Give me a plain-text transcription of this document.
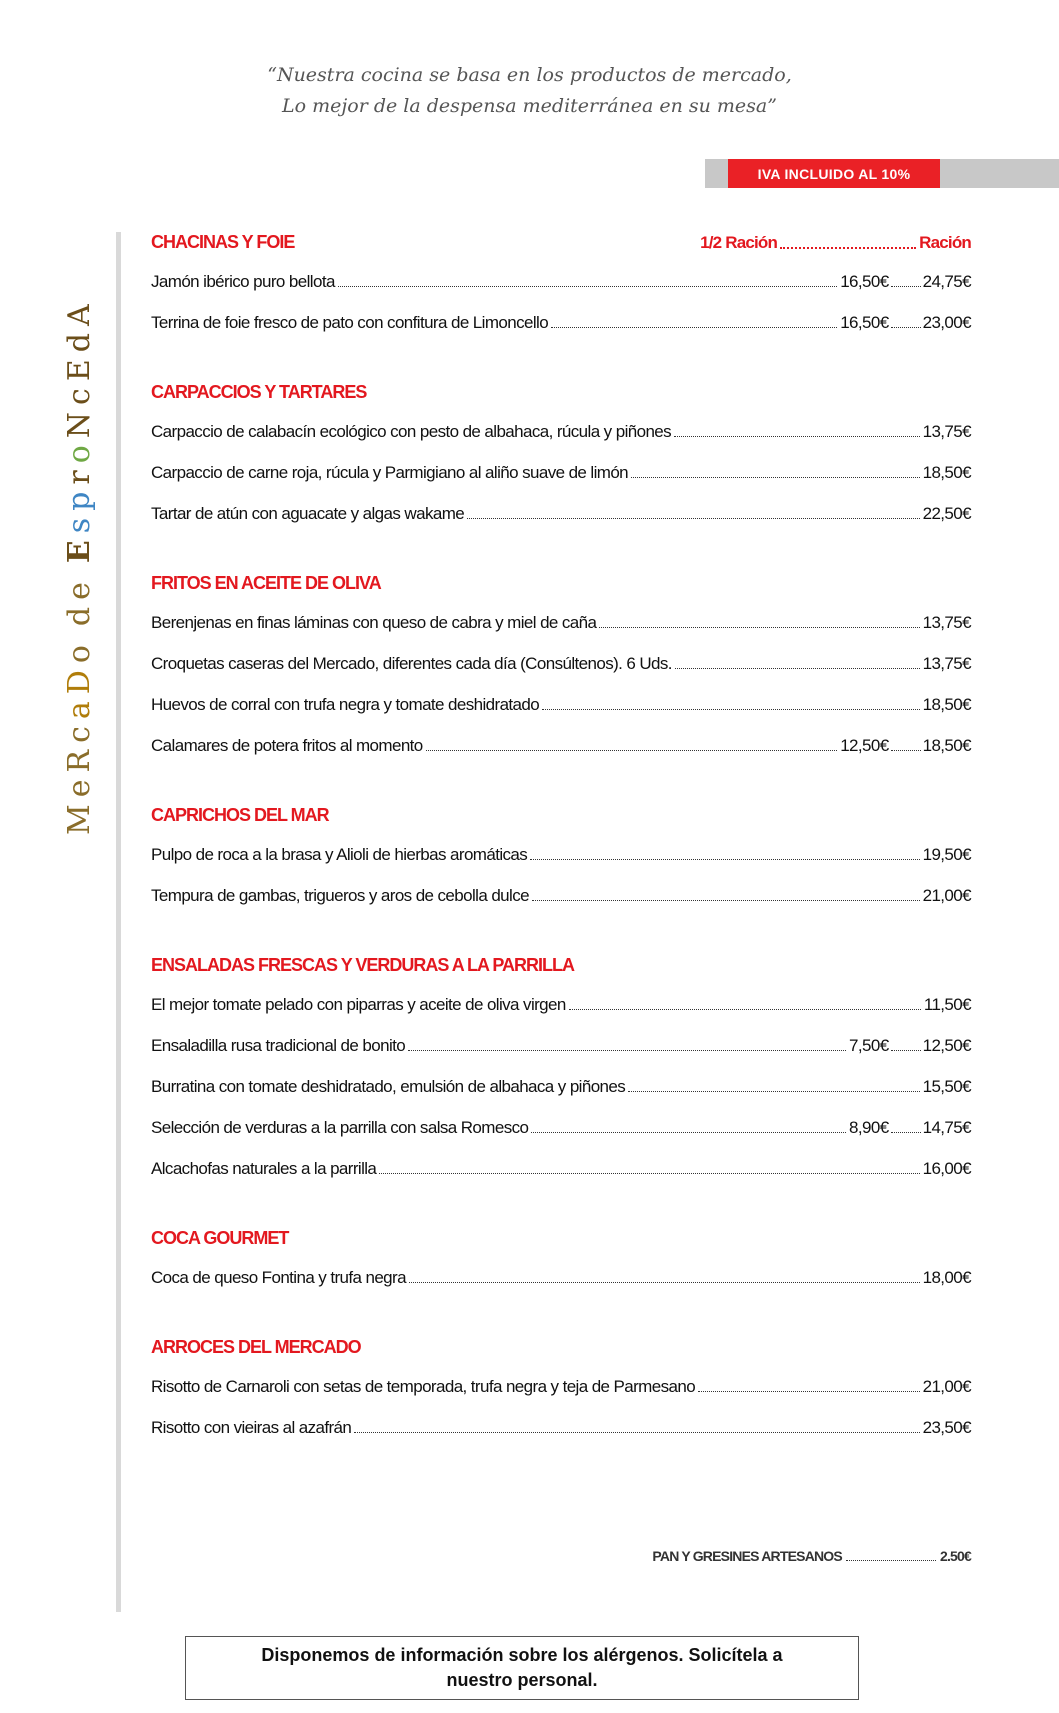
“Nuestra cocina se basa en los productos de mercado,
Lo mejor de la despensa mediterránea en su mesa”
IVA INCLUIDO AL 10%
MeRcaDodeEsproNcEdA
CHACINAS Y FOIE	1/2 Ración	Ración
Jamón ibérico puro bellota	16,50€ 24,75€
Terrina de foie fresco de pato con confitura de Limoncello	16,50€ 23,00€
CARPACCIOS Y TARTARES
Carpaccio de calabacín ecológico con pesto de albahaca, rúcula y piñones	13,75€
Carpaccio de carne roja, rúcula y Parmigiano al aliño suave de limón	18,50€
Tartar de atún con aguacate y algas wakame	22,50€
FRITOS EN ACEITE DE OLIVA
Berenjenas en finas láminas con queso de cabra y miel de caña	13,75€
Croquetas caseras del Mercado, diferentes cada día (Consúltenos). 6 Uds.	13,75€
Huevos de corral con trufa negra y tomate deshidratado	18,50€
Calamares de potera fritos al momento	12,50€ 18,50€
CAPRICHOS DEL MAR
Pulpo de roca a la brasa y Alioli de hierbas aromáticas	19,50€
Tempura de gambas, trigueros y aros de cebolla dulce	21,00€
ENSALADAS FRESCAS Y VERDURAS A LA PARRILLA
El mejor tomate pelado con piparras y aceite de oliva virgen	11,50€
Ensaladilla rusa tradicional de bonito	7,50€ 12,50€
Burratina con tomate deshidratado, emulsión de albahaca y piñones	15,50€
Selección de verduras a la parrilla con salsa Romesco	8,90€ 14,75€
Alcachofas naturales a la parrilla	16,00€
COCA GOURMET
Coca de queso Fontina y trufa negra	18,00€
ARROCES DEL MERCADO
Risotto de Carnaroli con setas de temporada, trufa negra y teja de Parmesano	21,00€
Risotto con vieiras al azafrán	23,50€
PAN Y GRESINES ARTESANOS	2.50€
Disponemos de información sobre los alérgenos. Solicítela a nuestro personal.
